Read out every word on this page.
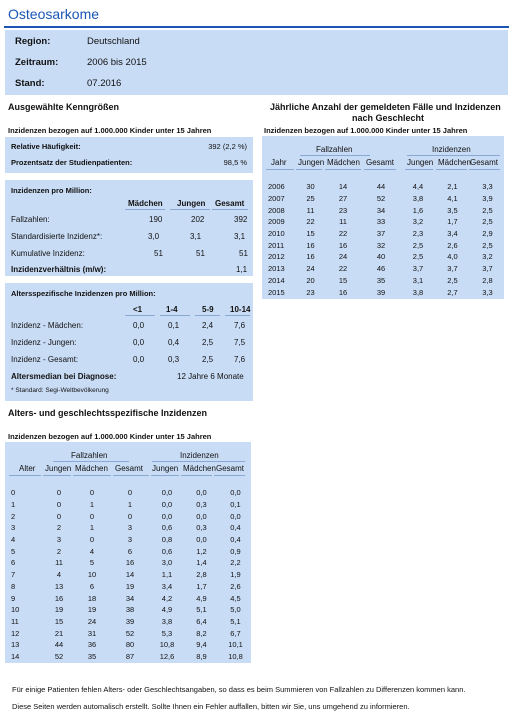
Osteosarkome
Region:	Deutschland
Zeitraum:	2006 bis 2015
Stand:	07.2016
Ausgewählte Kenngrößen
Inzidenzen bezogen auf 1.000.000 Kinder unter 15 Jahren
Relative Häufigkeit:	392 (2,2 %)
Prozentsatz der Studienpatienten:	98,5 %
Inzidenzen pro Million:
Mädchen Jungen Gesamt
Fallzahlen:	190	202	392
Standardisierte Inzidenz*:	3,0	3,1	3,1
Kumulative Inzidenz:	51	51	51
Inzidenzverhältnis (m/w):	1,1
Altersspezifische Inzidenzen pro Million:
<1	1-4	5-9 10-14
Inzidenz - Mädchen:	0,0	0,1	2,4	7,6
Inzidenz - Jungen:	0,0	0,4	2,5	7,5
Inzidenz - Gesamt:	0,0	0,3	2,5	7,6
Altersmedian bei Diagnose:	12 Jahre 6 Monate
* Standard: Segi-Weltbevölkerung
Jährliche Anzahl der gemeldeten Fälle und Inzidenzen
nach Geschlecht
Inzidenzen bezogen auf 1.000.000 Kinder unter 15 Jahren
Fallzahlen	Inzidenzen
Jahr Jungen Mädchen Gesamt Jungen Mädchen Gesamt
2006	30	14	44	4,4	2,1	3,3
2007	25	27	52	3,8	4,1	3,9
2008	11	23	34	1,6	3,5	2,5
2009	22	11	33	3,2	1,7	2,5
2010	15	22	37	2,3	3,4	2,9
2011	16	16	32	2,5	2,6	2,5
2012	16	24	40	2,5	4,0	3,2
2013	24	22	46	3,7	3,7	3,7
2014	20	15	35	3,1	2,5	2,8
2015	23	16	39	3,8	2,7	3,3
Alters- und geschlechtsspezifische Inzidenzen
Inzidenzen bezogen auf 1.000.000 Kinder unter 15 Jahren
Fallzahlen	Inzidenzen
Alter Jungen Mädchen Gesamt Jungen Mädchen Gesamt
0	0	0	0	0,0	0,0	0,0
1	0	1	1	0,0	0,3	0,1
2	0	0	0	0,0	0,0	0,0
3	2	1	3	0,6	0,3	0,4
4	3	0	3	0,8	0,0	0,4
5	2	4	6	0,6	1,2	0,9
6	11	5	16	3,0	1,4	2,2
7	4	10	14	1,1	2,8	1,9
8	13	6	19	3,4	1,7	2,6
9	16	18	34	4,2	4,9	4,5
10	19	19	38	4,9	5,1	5,0
11	15	24	39	3,8	6,4	5,1
12	21	31	52	5,3	8,2	6,7
13	44	36	80	10,8	9,4	10,1
14	52	35	87	12,6	8,9	10,8
Für einige Patienten fehlen Alters- oder Geschlechtsangaben, so dass es beim Summieren von Fallzahlen zu Differenzen kommen kann.
Diese Seiten werden automalisch erstellt. Sollte Ihnen ein Fehler auffallen, bitten wir Sie, uns umgehend zu informieren.
